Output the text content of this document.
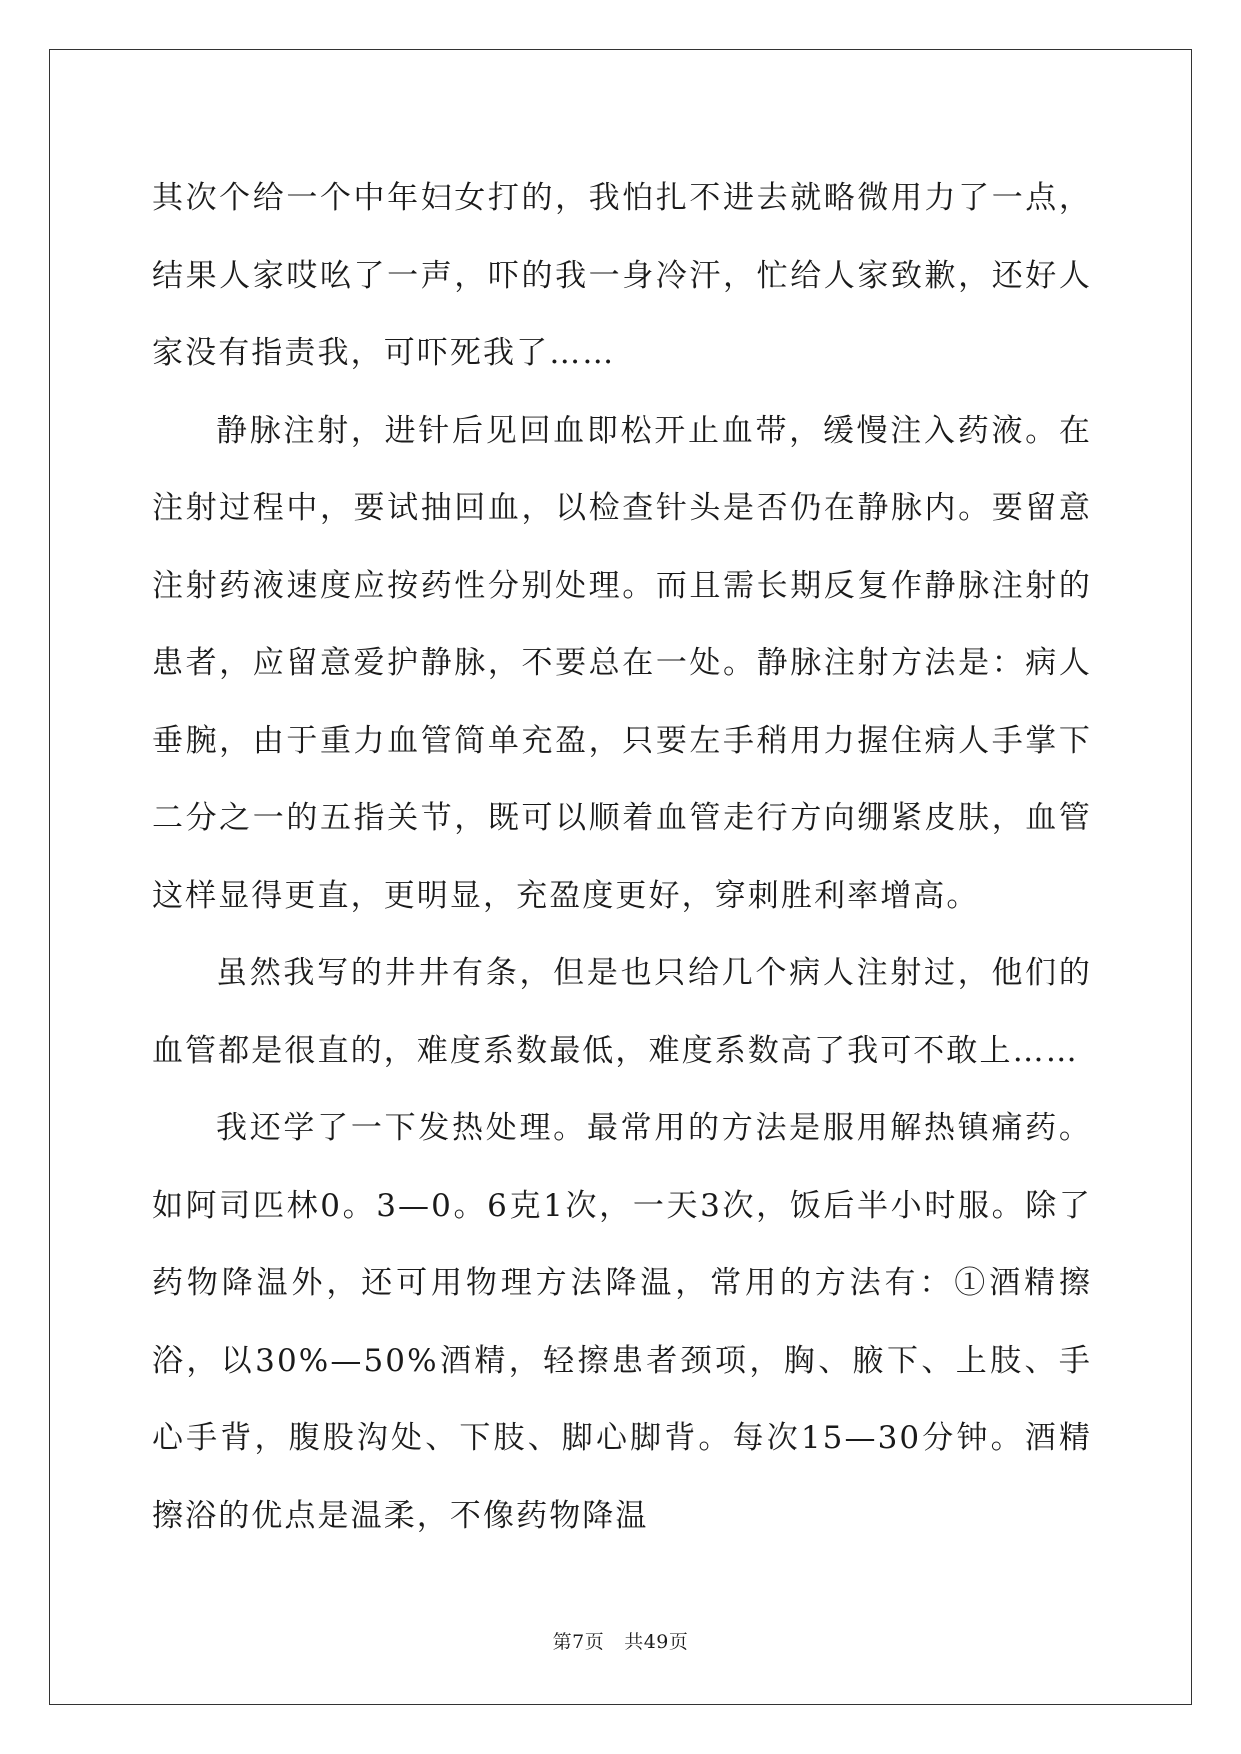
其次个给一个中年妇女打的，我怕扎不进去就略微用力了一点，结果人家哎吆了一声，吓的我一身冷汗，忙给人家致歉，还好人家没有指责我，可吓死我了……

静脉注射，进针后见回血即松开止血带，缓慢注入药液。在注射过程中，要试抽回血，以检查针头是否仍在静脉内。要留意注射药液速度应按药性分别处理。而且需长期反复作静脉注射的患者，应留意爱护静脉，不要总在一处。静脉注射方法是：病人垂腕，由于重力血管简单充盈，只要左手稍用力握住病人手掌下二分之一的五指关节，既可以顺着血管走行方向绷紧皮肤，血管这样显得更直，更明显，充盈度更好，穿刺胜利率增高。

虽然我写的井井有条，但是也只给几个病人注射过，他们的血管都是很直的，难度系数最低，难度系数高了我可不敢上……

我还学了一下发热处理。最常用的方法是服用解热镇痛药。如阿司匹林0。3—0。6克1次，一天3次，饭后半小时服。除了药物降温外，还可用物理方法降温，常用的方法有：①酒精擦浴，以30%—50%酒精，轻擦患者颈项，胸、腋下、上肢、手心手背，腹股沟处、下肢、脚心脚背。每次15—30分钟。酒精擦浴的优点是温柔，不像药物降温

第7页 共49页
